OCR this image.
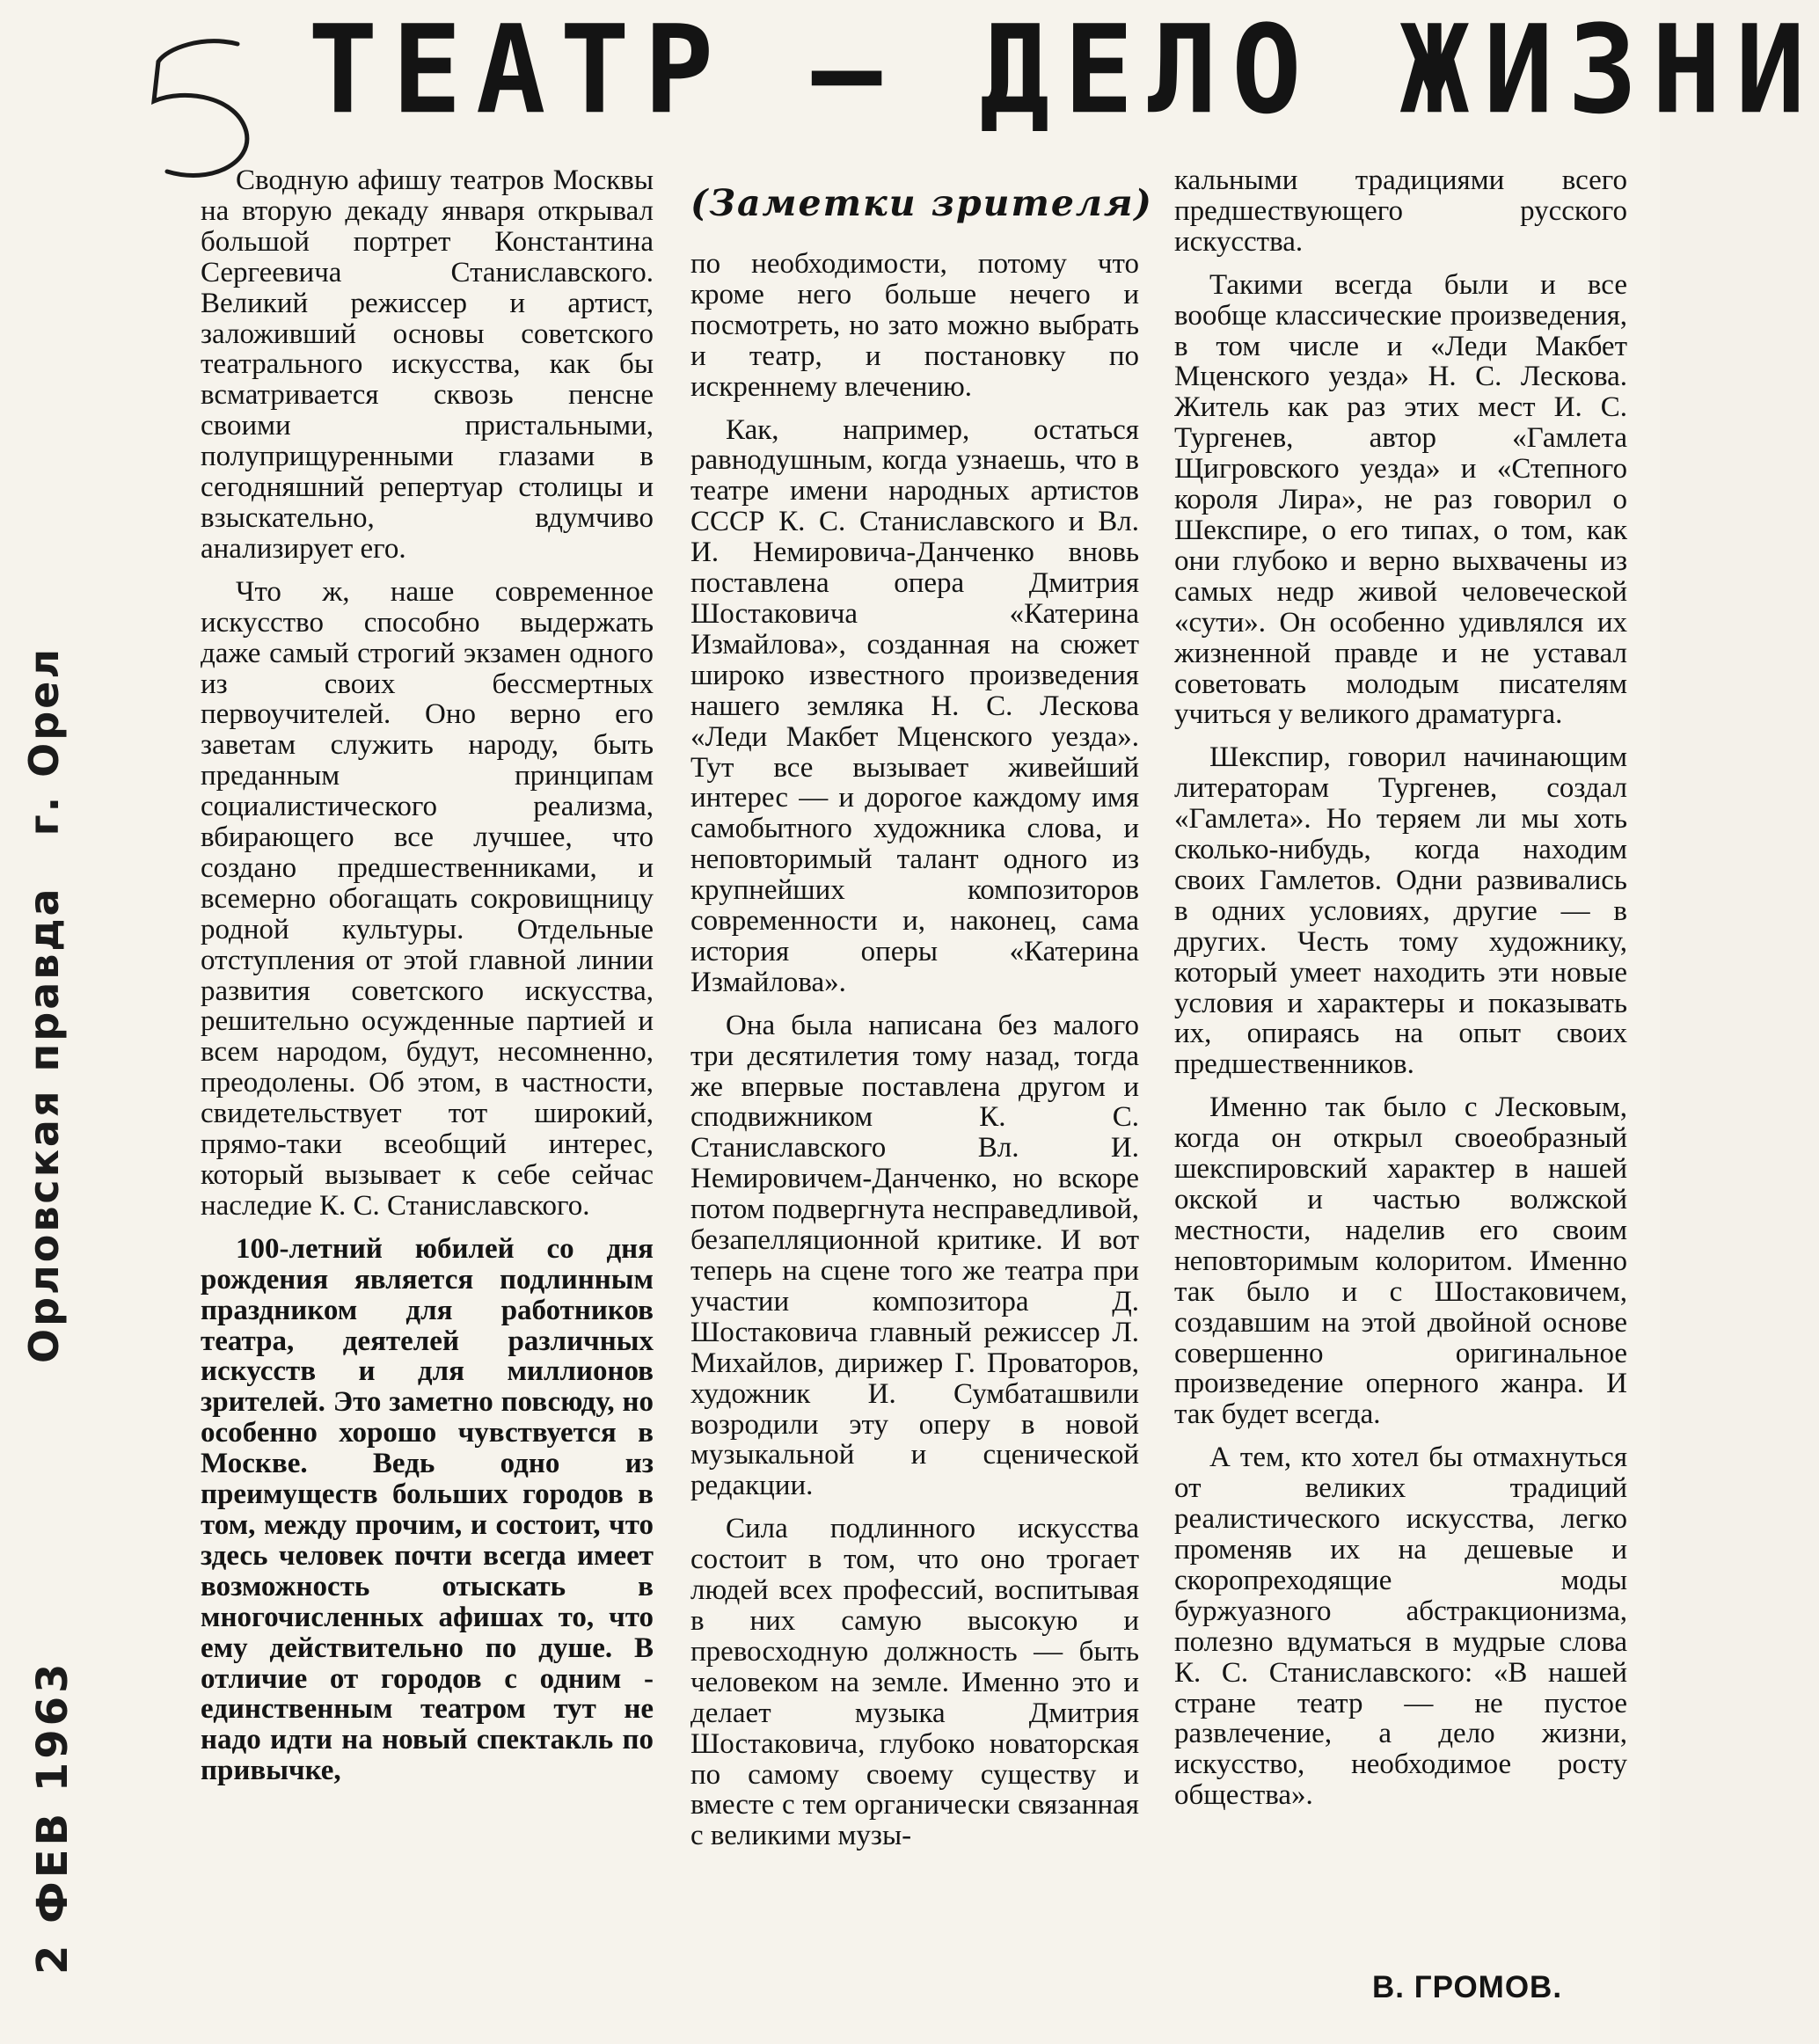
5 ТЕАТР — ДЕЛО ЖИЗНИ
(Заметки зрителя)

Сводную афишу театров Москвы на вторую декаду января открывал большой портрет Константина Сергеевича Станиславского. Великий режиссер и артист, заложивший основы советского театрального искусства, как бы всматривается сквозь пенсне своими пристальными, полуприщуренными глазами в сегодняшний репертуар столицы и взыскательно, вдумчиво анализирует его.

Что ж, наше современное искусство способно выдержать даже самый строгий экзамен одного из своих бессмертных первоучителей. Оно верно его заветам служить народу, быть преданным принципам социалистического реализма, вбирающего все лучшее, что создано предшественниками, и всемерно обогащать сокровищницу родной культуры. Отдельные отступления от этой главной линии развития советского искусства, решительно осужденные партией и всем народом, будут, несомненно, преодолены. Об этом, в частности, свидетельствует тот широкий, прямо-таки всеобщий интерес, который вызывает к себе сейчас наследие К. С. Станиславского.

100-летний юбилей со дня рождения является подлинным праздником для работников театра, деятелей различных искусств и для миллионов зрителей. Это заметно повсюду, но особенно хорошо чувствуется в Москве. Ведь одно из преимуществ больших городов в том, между прочим, и состоит, что здесь человек почти всегда имеет возможность отыскать в многочисленных афишах то, что ему действительно по душе. В отличие от городов с одним - единственным театром тут не надо идти на новый спектакль по привычке,

по необходимости, потому что кроме него больше нечего и посмотреть, но зато можно выбрать и театр, и постановку по искреннему влечению.

Как, например, остаться равнодушным, когда узнаешь, что в театре имени народных артистов СССР К. С. Станиславского и Вл. И. Немировича-Данченко вновь поставлена опера Дмитрия Шостаковича «Катерина Измайлова», созданная на сюжет широко известного произведения нашего земляка Н. С. Лескова «Леди Макбет Мценского уезда». Тут все вызывает живейший интерес — и дорогое каждому имя самобытного художника слова, и неповторимый талант одного из крупнейших композиторов современности и, наконец, сама история оперы «Катерина Измайлова».

Она была написана без малого три десятилетия тому назад, тогда же впервые поставлена другом и сподвижником К. С. Станиславского Вл. И. Немировичем-Данченко, но вскоре потом подвергнута несправедливой, безапелляционной критике. И вот теперь на сцене того же театра при участии композитора Д. Шостаковича главный режиссер Л. Михайлов, дирижер Г. Проваторов, художник И. Сумбаташвили возродили эту оперу в новой музыкальной и сценической редакции.

Сила подлинного искусства состоит в том, что оно трогает людей всех профессий, воспитывая в них самую высокую и превосходную должность — быть человеком на земле. Именно это и делает музыка Дмитрия Шостаковича, глубоко новаторская по самому своему существу и вместе с тем органически связанная с великими музы-

кальными традициями всего предшествующего русского искусства.

Такими всегда были и все вообще классические произведения, в том числе и «Леди Макбет Мценского уезда» Н. С. Лескова. Житель как раз этих мест И. С. Тургенев, автор «Гамлета Щигровского уезда» и «Степного короля Лира», не раз говорил о Шекспире, о его типах, о том, как они глубоко и верно выхвачены из самых недр живой человеческой «сути». Он особенно удивлялся их жизненной правде и не уставал советовать молодым писателям учиться у великого драматурга.

Шекспир, говорил начинающим литераторам Тургенев, создал «Гамлета». Но теряем ли мы хоть сколько-нибудь, когда находим своих Гамлетов. Одни развивались в одних условиях, другие — в других. Честь тому художнику, который умеет находить эти новые условия и характеры и показывать их, опираясь на опыт своих предшественников.

Именно так было с Лесковым, когда он открыл своеобразный шекспировский характер в нашей окской и частью волжской местности, наделив его своим неповторимым колоритом. Именно так было и с Шостаковичем, создавшим на этой двойной основе совершенно оригинальное произведение оперного жанра. И так будет всегда.

А тем, кто хотел бы отмахнуться от великих традиций реалистического искусства, легко променяв их на дешевые и скоропреходящие моды буржуазного абстракционизма, полезно вдуматься в мудрые слова К. С. Станиславского: «В нашей стране театр — не пустое развлечение, а дело жизни, искусство, необходимое росту общества».

В. ГРОМОВ.
Орловская правда   г. Орел
2 ФЕВ 1963
